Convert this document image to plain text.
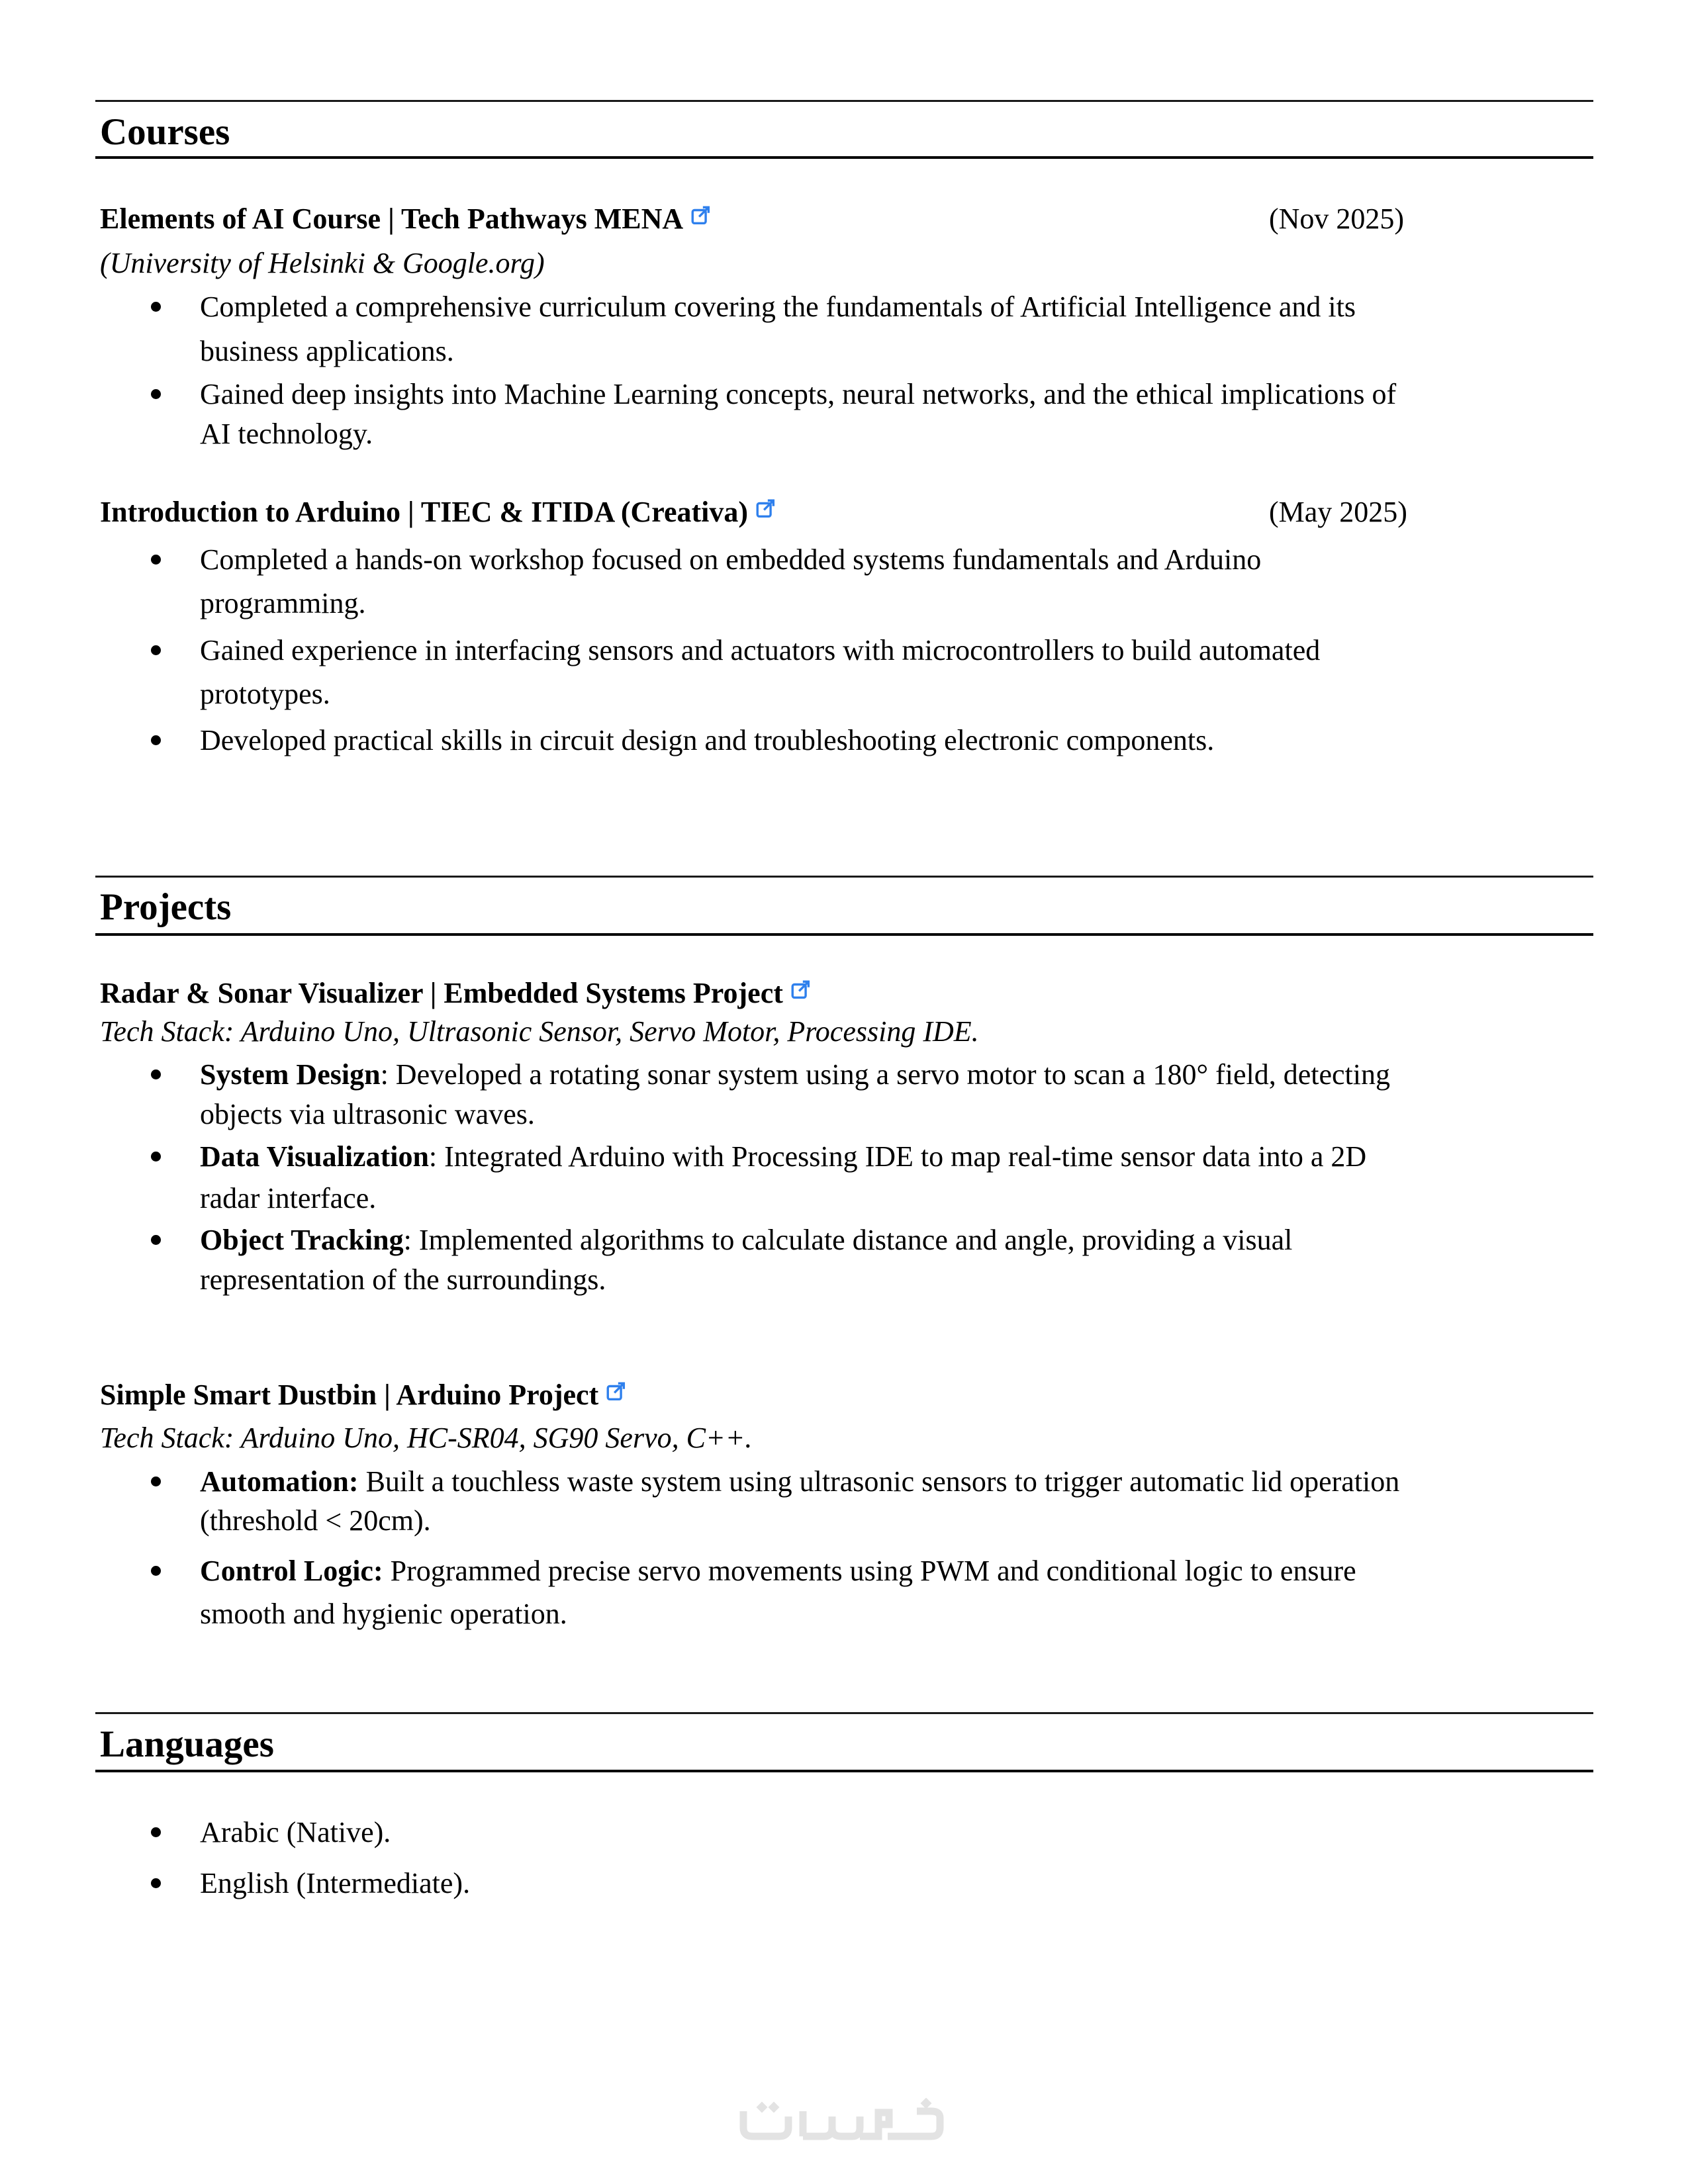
Courses
Elements of AI Course | Tech Pathways MENA	(Nov 2025)
(University of Helsinki & Google.org)
Completed a comprehensive curriculum covering the fundamentals of Artificial Intelligence and its
business applications.
Gained deep insights into Machine Learning concepts, neural networks, and the ethical implications of
AI technology.
Introduction to Arduino | TIEC & ITIDA (Creativa)	(May 2025)
Completed a hands-on workshop focused on embedded systems fundamentals and Arduino
programming.
Gained experience in interfacing sensors and actuators with microcontrollers to build automated
prototypes.
Developed practical skills in circuit design and troubleshooting electronic components.
Projects
Radar & Sonar Visualizer | Embedded Systems Project
Tech Stack: Arduino Uno, Ultrasonic Sensor, Servo Motor, Processing IDE.
System Design: Developed a rotating sonar system using a servo motor to scan a 180° field, detecting
objects via ultrasonic waves.
Data Visualization: Integrated Arduino with Processing IDE to map real-time sensor data into a 2D
radar interface.
Object Tracking: Implemented algorithms to calculate distance and angle, providing a visual
representation of the surroundings.
Simple Smart Dustbin | Arduino Project
Tech Stack: Arduino Uno, HC-SR04, SG90 Servo, C++.
Automation: Built a touchless waste system using ultrasonic sensors to trigger automatic lid operation
(threshold < 20cm).
Control Logic: Programmed precise servo movements using PWM and conditional logic to ensure
smooth and hygienic operation.
Languages
Arabic (Native).
English (Intermediate).
